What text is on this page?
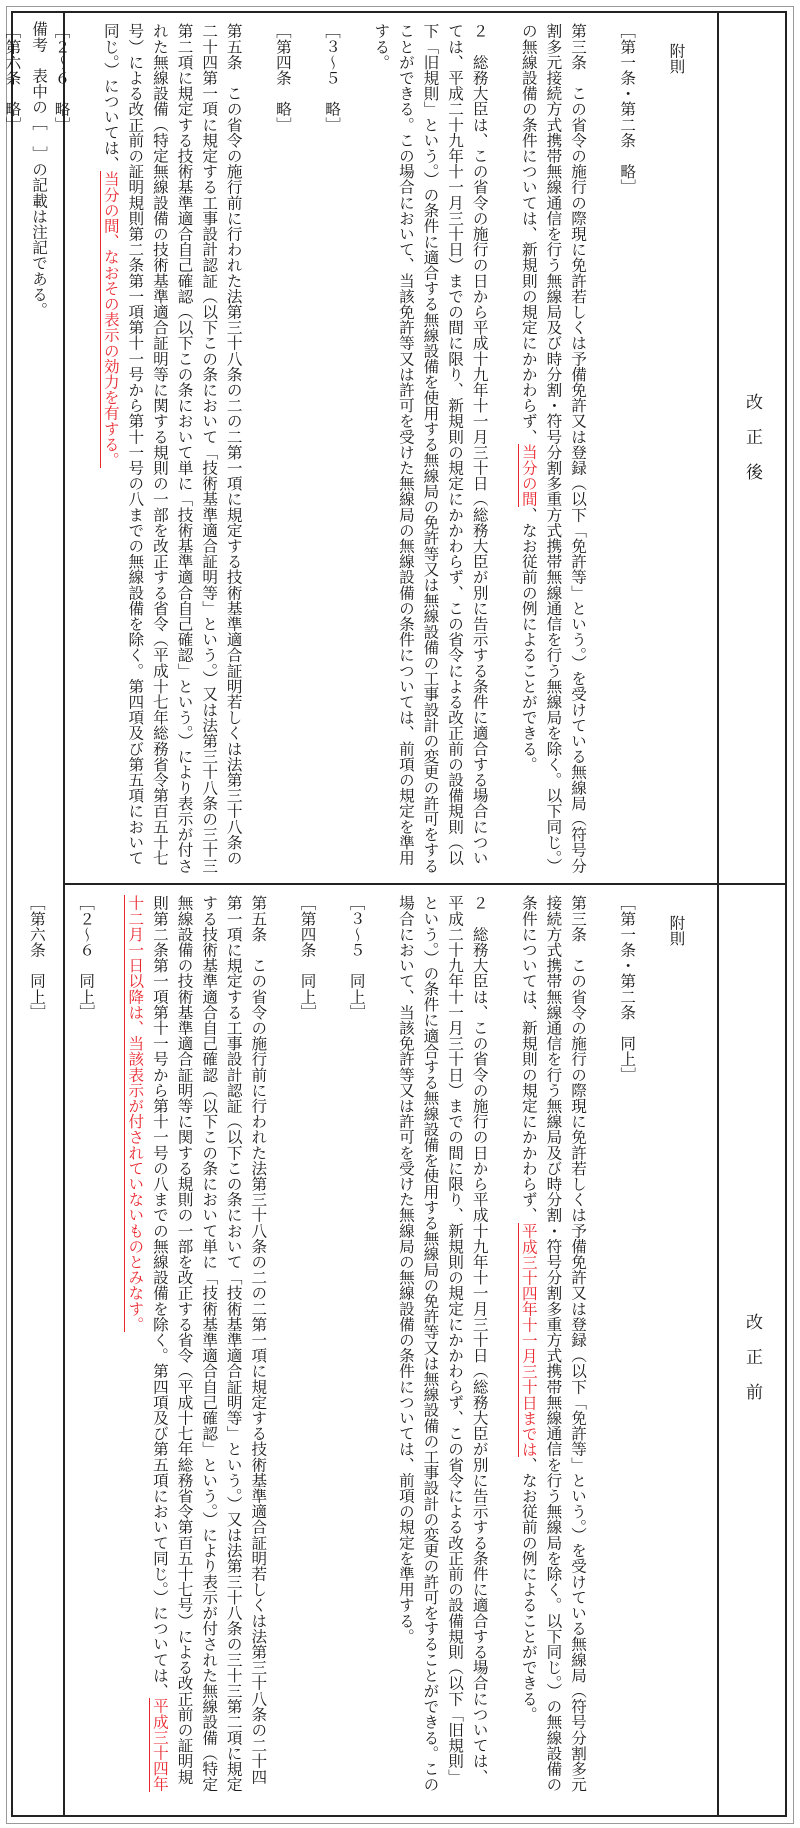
改正後
改正前

附則

［第一条・第二条　略］

第三条　この省令の施行の際現に免許若しくは予備免許又は登録（以下「免許等」という。）を受けている無線局（符号分割多元接続方式携帯無線通信を行う無線局及び時分割・符号分割多重方式携帯無線通信を行う無線局を除く。以下同じ。）の無線設備の条件については、新規則の規定にかかわらず、当分の間、なお従前の例によることができる。

２　総務大臣は、この省令の施行の日から平成十九年十一月三十日（総務大臣が別に告示する条件に適合する場合については、平成二十九年十一月三十日）までの間に限り、新規則の規定にかかわらず、この省令による改正前の設備規則（以下「旧規則」という。）の条件に適合する無線設備を使用する無線局の免許等又は無線設備の工事設計の変更の許可をすることができる。この場合において、当該免許等又は許可を受けた無線局の無線設備の条件については、前項の規定を準用する。

［３～５　略］

［第四条　略］

第五条　この省令の施行前に行われた法第三十八条の二の二第一項に規定する技術基準適合証明若しくは法第三十八条の二十四第一項に規定する工事設計認証（以下この条において「技術基準適合証明等」という。）又は法第三十八条の三十三第二項に規定する技術基準適合自己確認（以下この条において単に「技術基準適合自己確認」という。）により表示が付された無線設備（特定無線設備の技術基準適合証明等に関する規則の一部を改正する省令（平成十七年総務省令第百五十七号）による改正前の証明規則第二条第一項第十一号から第十一号の八までの無線設備を除く。第四項及び第五項において同じ。）については、当分の間、なおその表示の効力を有する。

［２～６　略］

［第六条　略］

附則

［第一条・第二条　同上］

第三条　この省令の施行の際現に免許若しくは予備免許又は登録（以下「免許等」という。）を受けている無線局（符号分割多元接続方式携帯無線通信を行う無線局及び時分割・符号分割多重方式携帯無線通信を行う無線局を除く。以下同じ。）の無線設備の条件については、新規則の規定にかかわらず、平成三十四年十一月三十日までは、なお従前の例によることができる。

２　総務大臣は、この省令の施行の日から平成十九年十一月三十日（総務大臣が別に告示する条件に適合する場合については、平成二十九年十一月三十日）までの間に限り、新規則の規定にかかわらず、この省令による改正前の設備規則（以下「旧規則」という。）の条件に適合する無線設備を使用する無線局の免許等又は無線設備の工事設計の変更の許可をすることができる。この場合において、当該免許等又は許可を受けた無線局の無線設備の条件については、前項の規定を準用する。

［３～５　同上］

［第四条　同上］

第五条　この省令の施行前に行われた法第三十八条の二の二第一項に規定する技術基準適合証明若しくは法第三十八条の二十四第一項に規定する工事設計認証（以下この条において「技術基準適合証明等」という。）又は法第三十八条の三十三第二項に規定する技術基準適合自己確認（以下この条において単に「技術基準適合自己確認」という。）により表示が付された無線設備（特定無線設備の技術基準適合証明等に関する規則の一部を改正する省令（平成十七年総務省令第百五十七号）による改正前の証明規則第二条第一項第十一号から第十一号の八までの無線設備を除く。第四項及び第五項において同じ。）については、平成三十四年十二月一日以降は、当該表示が付されていないものとみなす。

［２～６　同上］

［第六条　同上］

備考　表中の［　］の記載は注記である。
